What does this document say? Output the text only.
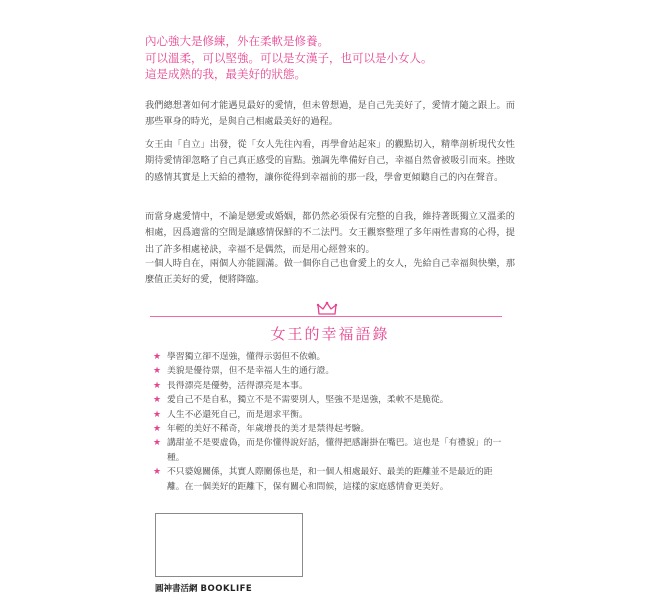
內心強大是修練，外在柔軟是修養。
可以溫柔，可以堅強。可以是女漢子，也可以是小女人。
這是成熟的我，最美好的狀態。
我們總想著如何才能遇見最好的愛情，但未曾想過，是自己先美好了，愛情才隨之跟上。而那些單身的時光，是與自己相處最美好的過程。
女王由「自立」出發，從「女人先往內看，再學會站起來」的觀點切入，精準剖析現代女性期待愛情卻忽略了自己真正感受的盲點。強調先準備好自己，幸福自然會被吸引而來。挫敗的感情其實是上天給的禮物，讓你從得到幸福前的那一段，學會更傾聽自己的內在聲音。
而當身處愛情中，不論是戀愛或婚姻，都仍然必須保有完整的自我，維持著既獨立又溫柔的相處，因爲適當的空間是讓感情保鮮的不二法門。女王觀察整理了多年兩性書寫的心得，提出了許多相處祕訣，幸福不是偶然，而是用心經營來的。
一個人時自在，兩個人亦能圓滿。做一個你自己也會愛上的女人，先給自己幸福與快樂，那麼值正美好的愛，便將降臨。
女王的幸福語錄
★ 學習獨立卻不逞強，懂得示弱但不依賴。
★ 美貌是優待票，但不是幸福人生的通行證。
★ 長得漂亮是優勢，活得漂亮是本事。
★ 愛自己不是自私，獨立不是不需要別人，堅強不是逞強，柔軟不是脆從。
★ 人生不必還死自己，而是迴求平衡。
★ 年輕的美好不稀奇，年歲增長的美才是禁得起考驗。
★ 講甜並不是要虛偽，而是你懂得說好話，懂得把感謝掛在嘴巴。這也是「有禮貌」的一種。
★ 不只婆媳關係，其實人際關係也是，和一個人相處最好、最美的距離並不是最近的距離。在一個美好的距離下，保有關心和問候，這樣的家庭感情會更美好。
圓神書活網 BOOKLIFE
